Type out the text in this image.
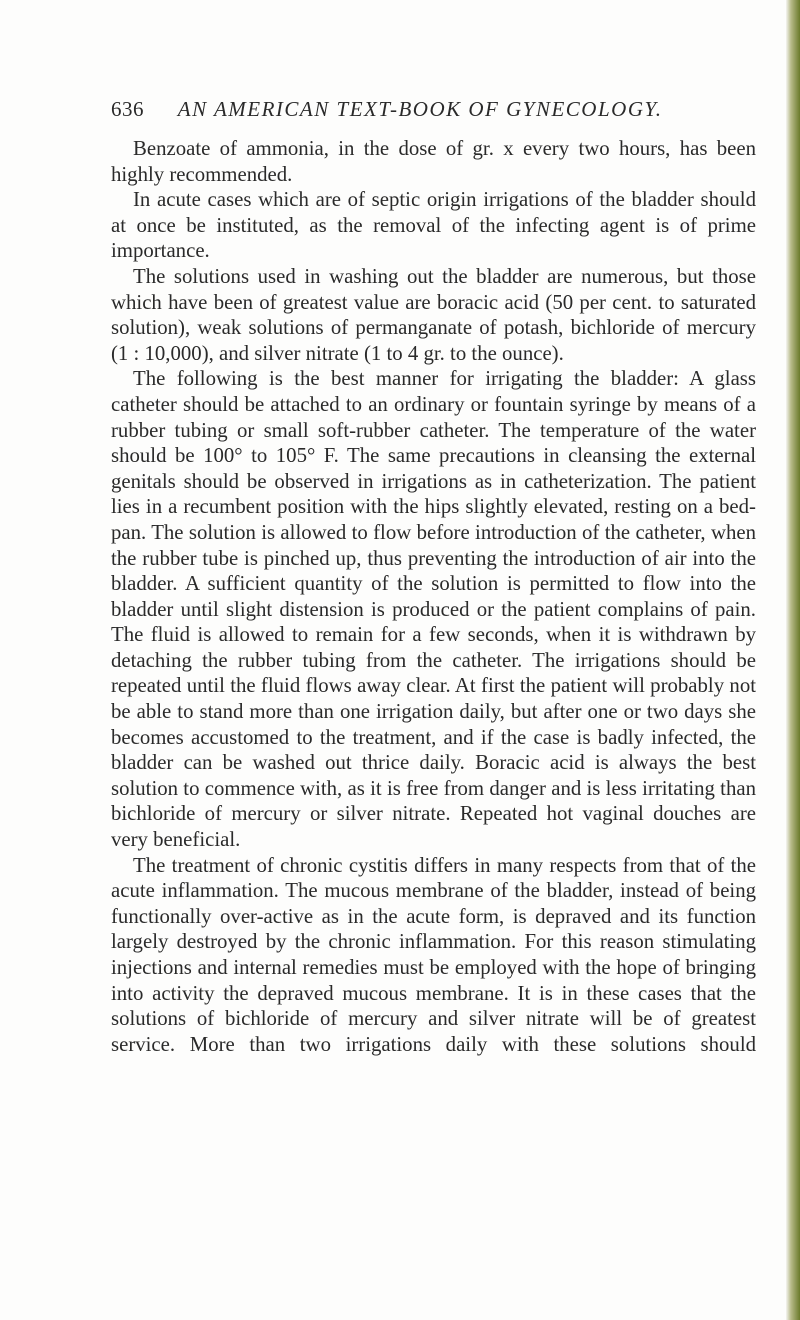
636 AN AMERICAN TEXT-BOOK OF GYNECOLOGY.

Benzoate of ammonia, in the dose of gr. x every two hours, has been highly recommended.

In acute cases which are of septic origin irrigations of the bladder should at once be instituted, as the removal of the infecting agent is of prime importance.

The solutions used in washing out the bladder are numerous, but those which have been of greatest value are boracic acid (50 per cent. to saturated solution), weak solutions of permanganate of potash, bichloride of mercury (1 : 10,000), and silver nitrate (1 to 4 gr. to the ounce).

The following is the best manner for irrigating the bladder: A glass catheter should be attached to an ordinary or fountain syringe by means of a rubber tubing or small soft-rubber catheter. The temperature of the water should be 100° to 105° F. The same precautions in cleansing the external genitals should be observed in irrigations as in catheterization. The patient lies in a recumbent position with the hips slightly elevated, resting on a bed-pan. The solution is allowed to flow before introduction of the catheter, when the rubber tube is pinched up, thus preventing the introduction of air into the bladder. A sufficient quantity of the solution is permitted to flow into the bladder until slight distension is produced or the patient complains of pain. The fluid is allowed to remain for a few seconds, when it is withdrawn by detaching the rubber tubing from the catheter. The irrigations should be repeated until the fluid flows away clear. At first the patient will probably not be able to stand more than one irrigation daily, but after one or two days she becomes accustomed to the treatment, and if the case is badly infected, the bladder can be washed out thrice daily. Boracic acid is always the best solution to commence with, as it is free from danger and is less irritating than bichloride of mercury or silver nitrate. Repeated hot vaginal douches are very beneficial.

The treatment of chronic cystitis differs in many respects from that of the acute inflammation. The mucous membrane of the bladder, instead of being functionally over-active as in the acute form, is depraved and its function largely destroyed by the chronic inflammation. For this reason stimulating injections and internal remedies must be employed with the hope of bringing into activity the depraved mucous membrane. It is in these cases that the solutions of bichloride of mercury and silver nitrate will be of greatest service. More than two irrigations daily with these solutions should
